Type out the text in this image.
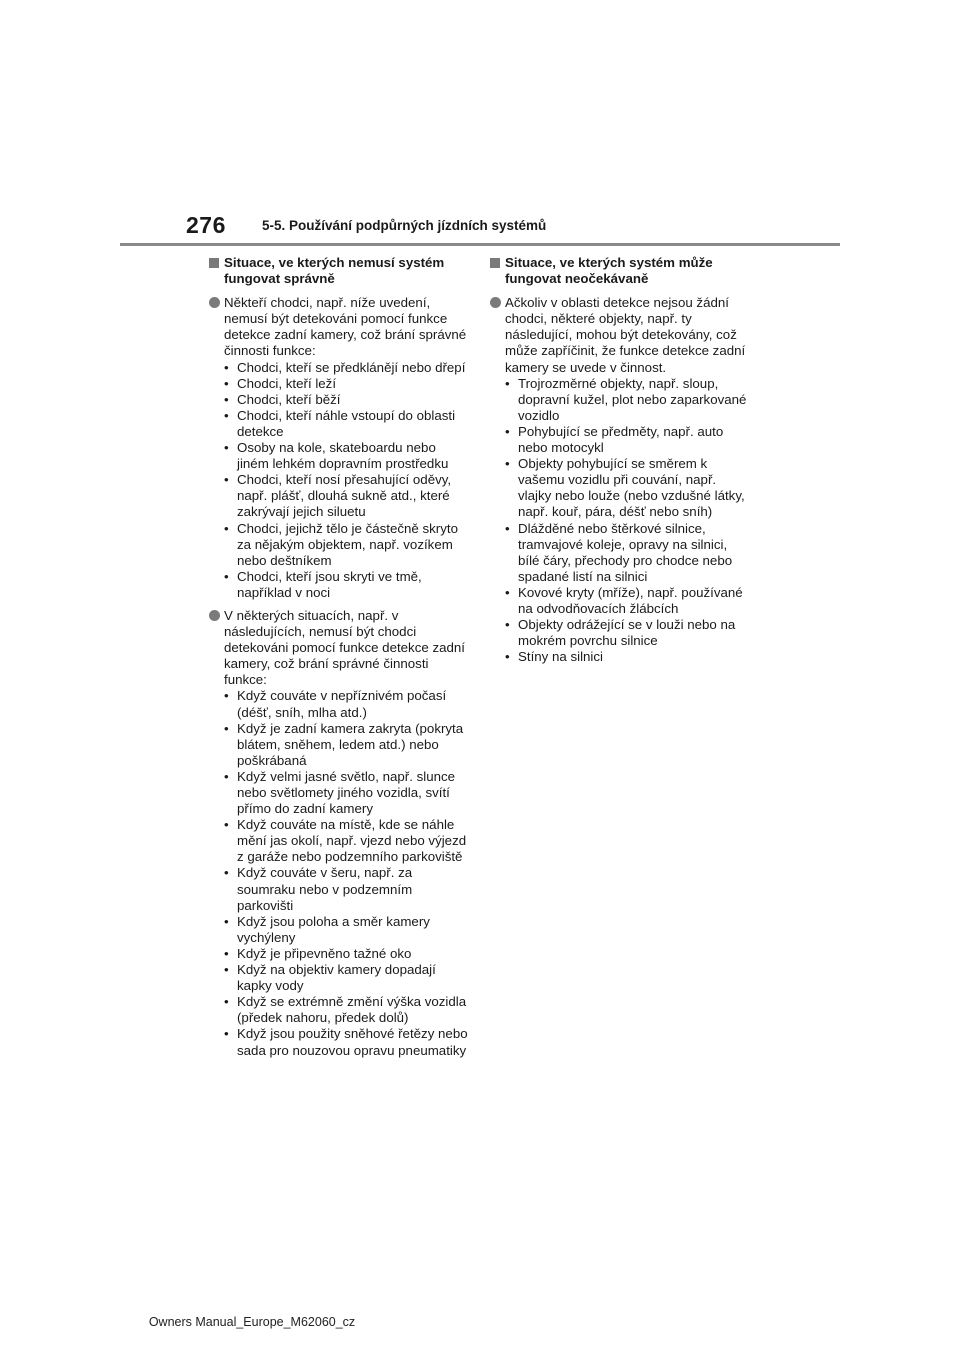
276	5-5. Používání podpůrných jízdních systémů
Situace, ve kterých nemusí systém fungovat správně
Někteří chodci, např. níže uvedení, nemusí být detekováni pomocí funkce detekce zadní kamery, což brání správné činnosti funkce:
• Chodci, kteří se předklánějí nebo dřepí
• Chodci, kteří leží
• Chodci, kteří běží
• Chodci, kteří náhle vstoupí do oblasti detekce
• Osoby na kole, skateboardu nebo jiném lehkém dopravním prostředku
• Chodci, kteří nosí přesahující oděvy, např. plášť, dlouhá sukně atd., které zakrývají jejich siluetu
• Chodci, jejichž tělo je částečně skryto za nějakým objektem, např. vozíkem nebo deštníkem
• Chodci, kteří jsou skryti ve tmě, například v noci
V některých situacích, např. v následujících, nemusí být chodci detekováni pomocí funkce detekce zadní kamery, což brání správné činnosti funkce:
• Když couváte v nepříznivém počasí (déšť, sníh, mlha atd.)
• Když je zadní kamera zakryta (pokryta blátem, sněhem, ledem atd.) nebo poškrábaná
• Když velmi jasné světlo, např. slunce nebo světlomety jiného vozidla, svítí přímo do zadní kamery
• Když couváte na místě, kde se náhle mění jas okolí, např. vjezd nebo výjezd z garáže nebo podzemního parkoviště
• Když couváte v šeru, např. za soumraku nebo v podzemním parkovišti
• Když jsou poloha a směr kamery vychýleny
• Když je připevněno tažné oko
• Když na objektiv kamery dopadají kapky vody
• Když se extrémně změní výška vozidla (předek nahoru, předek dolů)
• Když jsou použity sněhové řetězy nebo sada pro nouzovou opravu pneumatiky
Situace, ve kterých systém může fungovat neočekávaně
Ačkoliv v oblasti detekce nejsou žádní chodci, některé objekty, např. ty následující, mohou být detekovány, což může zapříčinit, že funkce detekce zadní kamery se uvede v činnost.
• Trojrozměrné objekty, např. sloup, dopravní kužel, plot nebo zaparkované vozidlo
• Pohybující se předměty, např. auto nebo motocykl
• Objekty pohybující se směrem k vašemu vozidlu při couvání, např. vlajky nebo louže (nebo vzdušné látky, např. kouř, pára, déšť nebo sníh)
• Dlážděné nebo štěrkové silnice, tramvajové koleje, opravy na silnici, bílé čáry, přechody pro chodce nebo spadané listí na silnici
• Kovové kryty (mříže), např. používané na odvodňovacích žlábcích
• Objekty odrážející se v louži nebo na mokrém povrchu silnice
• Stíny na silnici
Owners Manual_Europe_M62060_cz
